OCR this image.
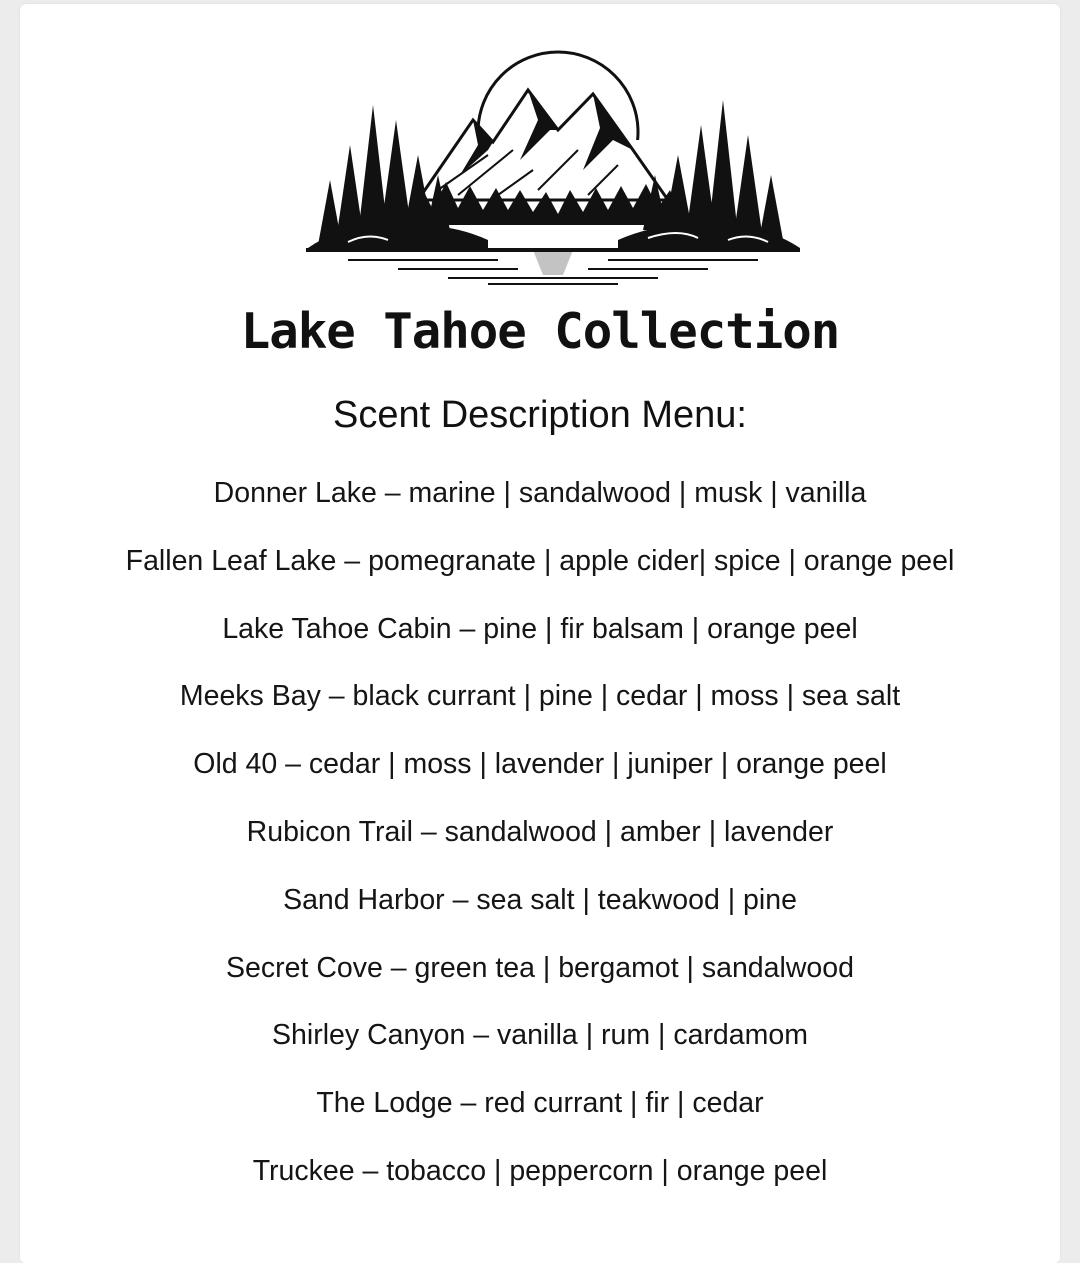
Lake Tahoe Collection
Scent Description Menu:
Donner Lake – marine | sandalwood | musk | vanilla
Fallen Leaf Lake – pomegranate | apple cider| spice | orange peel
Lake Tahoe Cabin – pine | fir balsam | orange peel
Meeks Bay – black currant | pine | cedar | moss | sea salt
Old 40 – cedar | moss | lavender | juniper | orange peel
Rubicon Trail – sandalwood | amber | lavender
Sand Harbor – sea salt | teakwood | pine
Secret Cove – green tea | bergamot | sandalwood
Shirley Canyon – vanilla | rum | cardamom
The Lodge – red currant | fir | cedar
Truckee – tobacco | peppercorn | orange peel
